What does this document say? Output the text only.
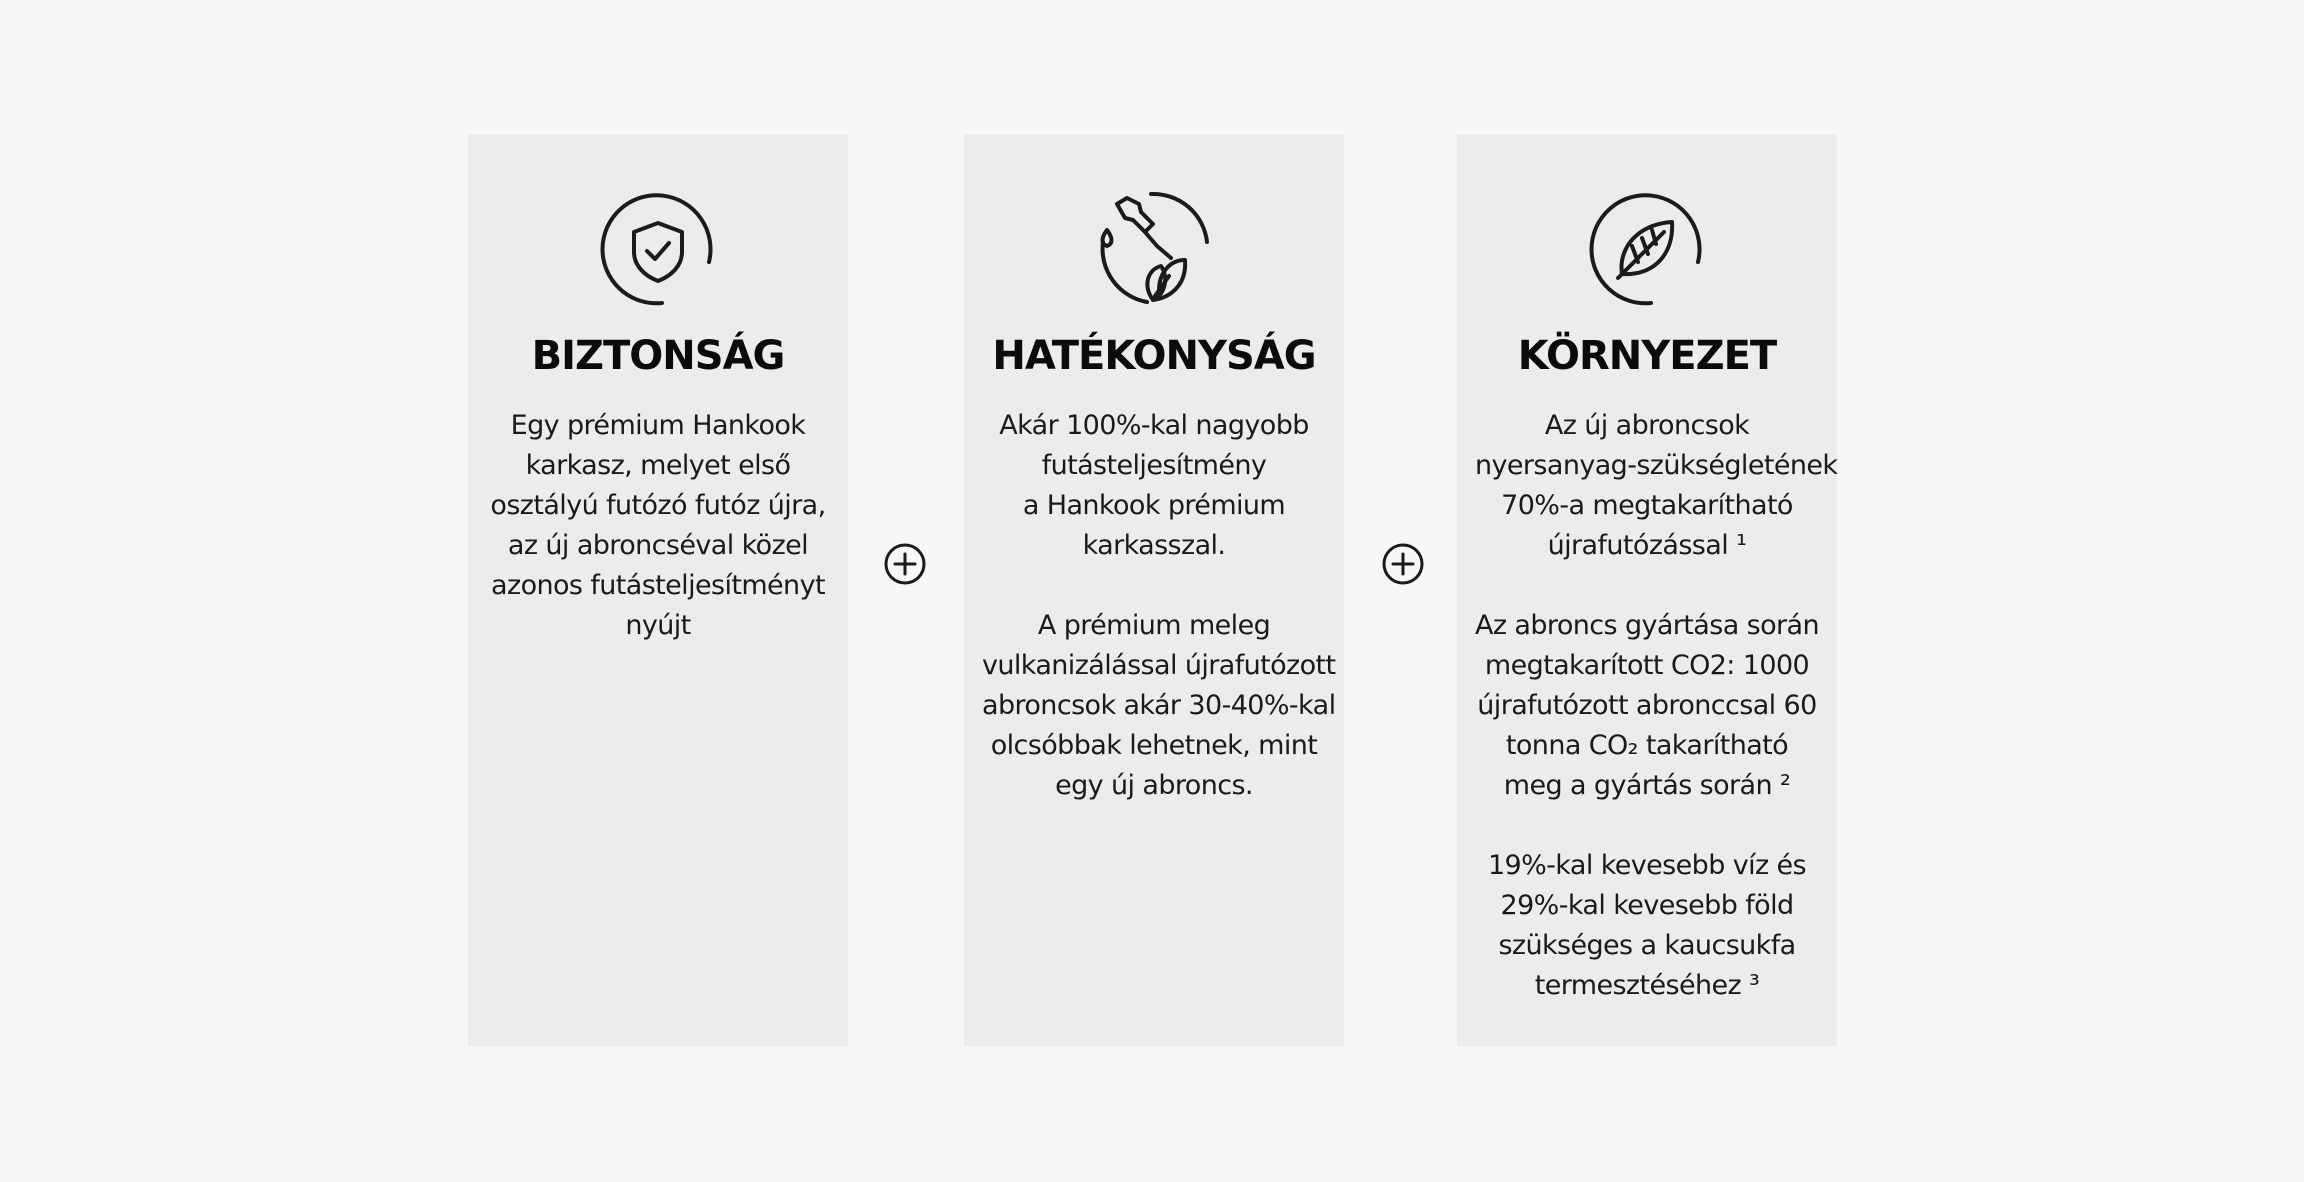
BIZTONSÁG

Egy prémium Hankook
karkasz, melyet első
osztályú futózó futóz újra,
az új abroncséval közel
azonos futásteljesítményt
nyújt

HATÉKONYSÁG

Akár 100%-kal nagyobb
futásteljesítmény
a Hankook prémium
karkasszal.

A prémium meleg
vulkanizálással újrafutózott
abroncsok akár 30-40%-kal
olcsóbbak lehetnek, mint
egy új abroncs.

KÖRNYEZET

Az új abroncsok
nyersanyag-szükségletének
70%-a megtakarítható
újrafutózással ¹

Az abroncs gyártása során
megtakarított CO2: 1000
újrafutózott abronccsal 60
tonna CO₂ takarítható
meg a gyártás során ²

19%-kal kevesebb víz és
29%-kal kevesebb föld
szükséges a kaucsukfa
termesztéséhez ³
